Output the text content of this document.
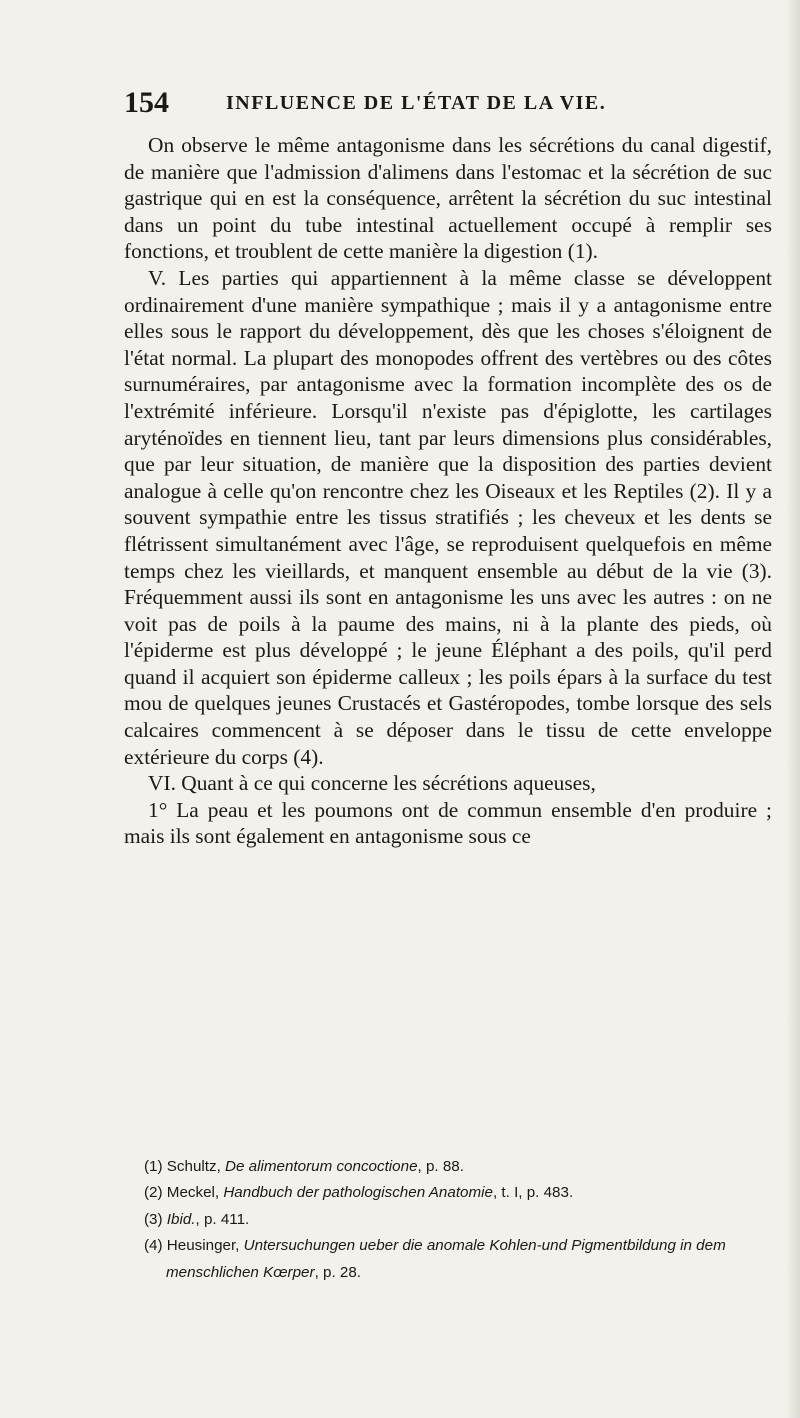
154	INFLUENCE DE L'ÉTAT DE LA VIE.

On observe le même antagonisme dans les sécrétions du canal digestif, de manière que l'admission d'alimens dans l'estomac et la sécrétion de suc gastrique qui en est la conséquence, arrêtent la sécrétion du suc intestinal dans un point du tube intestinal actuellement occupé à remplir ses fonctions, et troublent de cette manière la digestion (1).

V. Les parties qui appartiennent à la même classe se développent ordinairement d'une manière sympathique ; mais il y a antagonisme entre elles sous le rapport du développement, dès que les choses s'éloignent de l'état normal. La plupart des monopodes offrent des vertèbres ou des côtes surnuméraires, par antagonisme avec la formation incomplète des os de l'extrémité inférieure. Lorsqu'il n'existe pas d'épiglotte, les cartilages aryténoïdes en tiennent lieu, tant par leurs dimensions plus considérables, que par leur situation, de manière que la disposition des parties devient analogue à celle qu'on rencontre chez les Oiseaux et les Reptiles (2). Il y a souvent sympathie entre les tissus stratifiés ; les cheveux et les dents se flétrissent simultanément avec l'âge, se reproduisent quelquefois en même temps chez les vieillards, et manquent ensemble au début de la vie (3). Fréquemment aussi ils sont en antagonisme les uns avec les autres : on ne voit pas de poils à la paume des mains, ni à la plante des pieds, où l'épiderme est plus développé ; le jeune Éléphant a des poils, qu'il perd quand il acquiert son épiderme calleux ; les poils épars à la surface du test mou de quelques jeunes Crustacés et Gastéropodes, tombe lorsque des sels calcaires commencent à se déposer dans le tissu de cette enveloppe extérieure du corps (4).

VI. Quant à ce qui concerne les sécrétions aqueuses,

1° La peau et les poumons ont de commun ensemble d'en produire ; mais ils sont également en antagonisme sous ce

(1) Schultz, De alimentorum concoctione, p. 88.

(2) Meckel, Handbuch der pathologischen Anatomie, t. I, p. 483.

(3) Ibid., p. 411.

(4) Heusinger, Untersuchungen ueber die anomale Kohlen-und Pigmentbildung in dem menschlichen Kœrper, p. 28.
